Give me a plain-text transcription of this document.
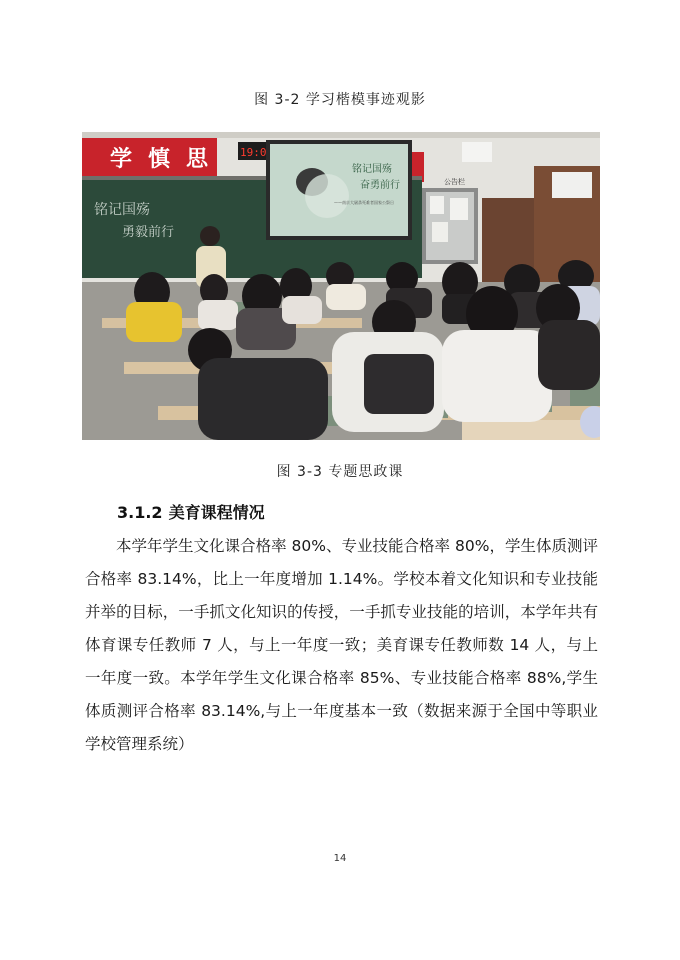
图 3-2 学习楷模事迹观影
学 慎 思	19:0
铭记国殇
勇毅前行
铭记国殇
奋勇前行
——南京大屠杀死难者国家公祭日
公告栏
图 3-3 专题思政课
3.1.2 美育课程情况

本学年学生文化课合格率 80%、专业技能合格率 80%，学生体质测评合格率 83.14%，比上一年度增加 1.14%。学校本着文化知识和专业技能并举的目标，一手抓文化知识的传授，一手抓专业技能的培训，本学年共有体育课专任教师 7 人，与上一年度一致；美育课专任教师数 14 人，与上一年度一致。本学年学生文化课合格率 85%、专业技能合格率 88%,学生体质测评合格率 83.14%,与上一年度基本一致（数据来源于全国中等职业学校管理系统）

14
